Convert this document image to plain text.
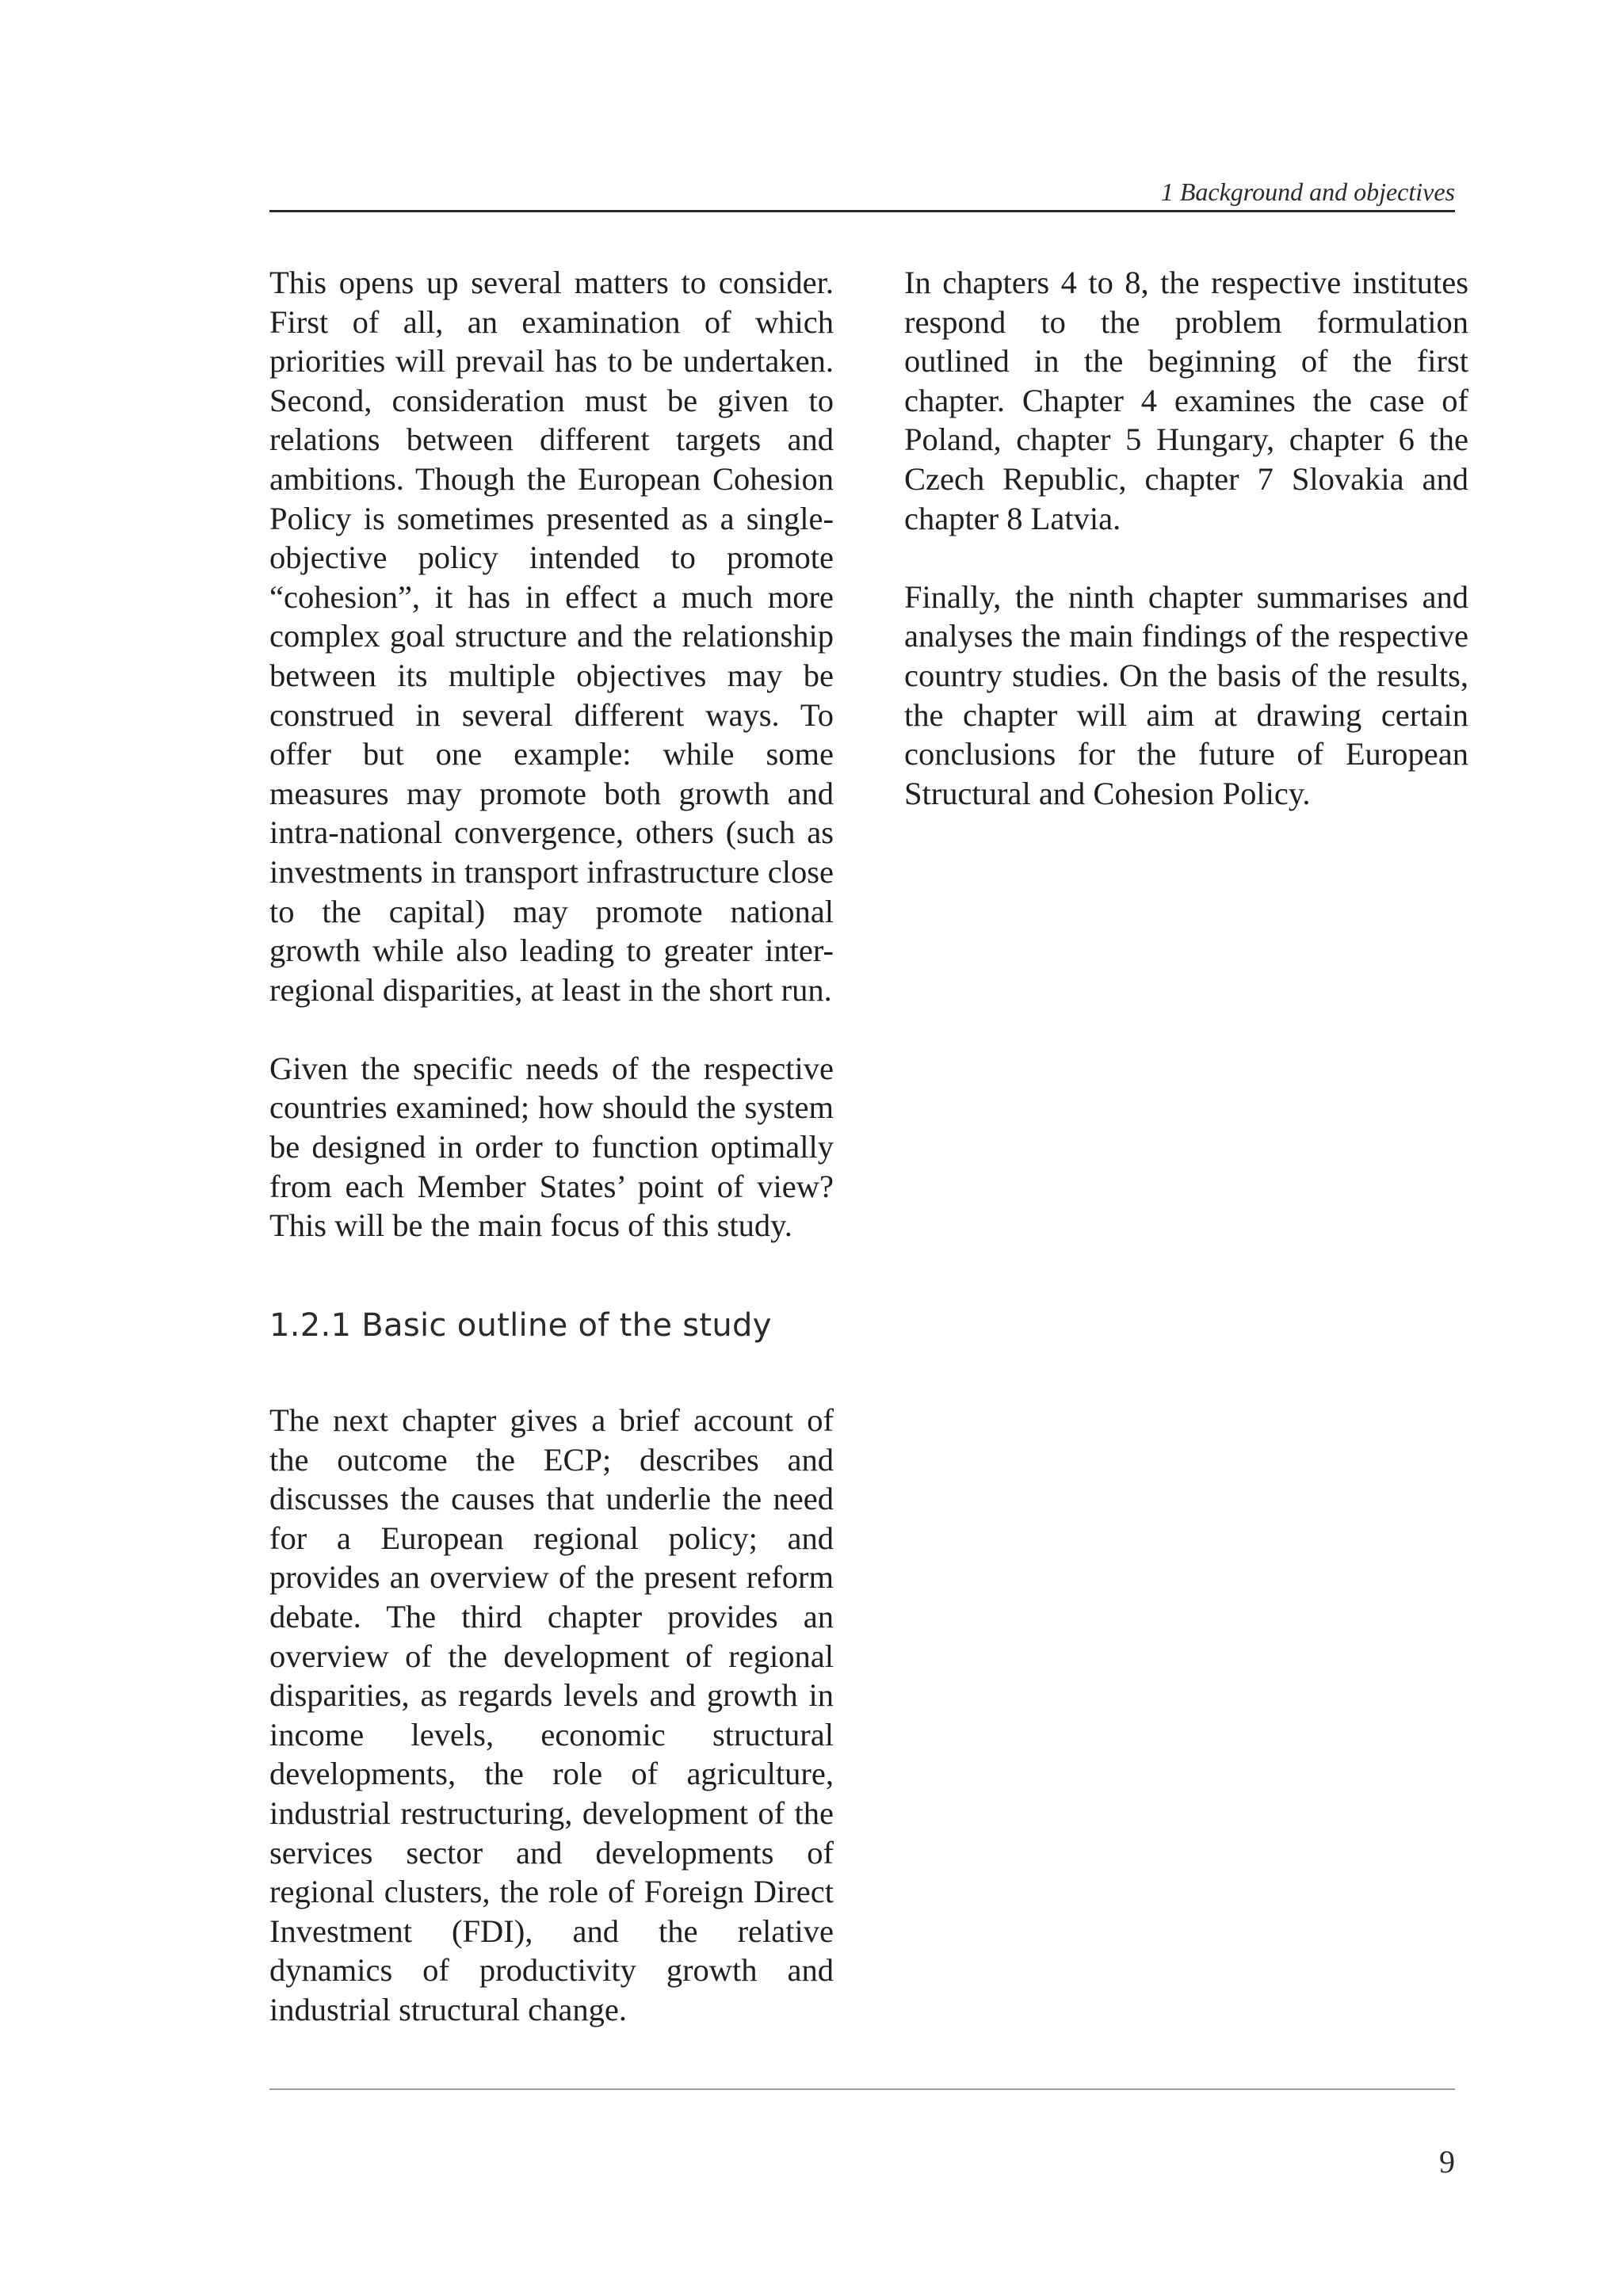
1 Background and objectives

This opens up several matters to consider. First of all, an examination of which priorities will prevail has to be undertaken. Second, consideration must be given to relations between different targets and ambitions. Though the European Cohesion Policy is sometimes presented as a single-objective policy intended to promote “cohesion”, it has in effect a much more complex goal structure and the relationship between its multiple objectives may be construed in several different ways. To offer but one example: while some measures may promote both growth and intra-national convergence, others (such as investments in transport infrastructure close to the capital) may promote national growth while also leading to greater inter-regional disparities, at least in the short run.

Given the specific needs of the respective countries examined; how should the system be designed in order to function optimally from each Member States’ point of view? This will be the main focus of this study.

1.2.1 Basic outline of the study

The next chapter gives a brief account of the outcome the ECP; describes and discusses the causes that underlie the need for a European regional policy; and provides an overview of the present reform debate. The third chapter provides an overview of the development of regional disparities, as regards levels and growth in income levels, economic structural developments, the role of agriculture, industrial restructuring, development of the services sector and developments of regional clusters, the role of Foreign Direct Investment (FDI), and the relative dynamics of productivity growth and industrial structural change.

In chapters 4 to 8, the respective institutes respond to the problem formulation outlined in the beginning of the first chapter. Chapter 4 examines the case of Poland, chapter 5 Hungary, chapter 6 the Czech Republic, chapter 7 Slovakia and chapter 8 Latvia.

Finally, the ninth chapter summarises and analyses the main findings of the respective country studies. On the basis of the results, the chapter will aim at drawing certain conclusions for the future of European Structural and Cohesion Policy.

9
